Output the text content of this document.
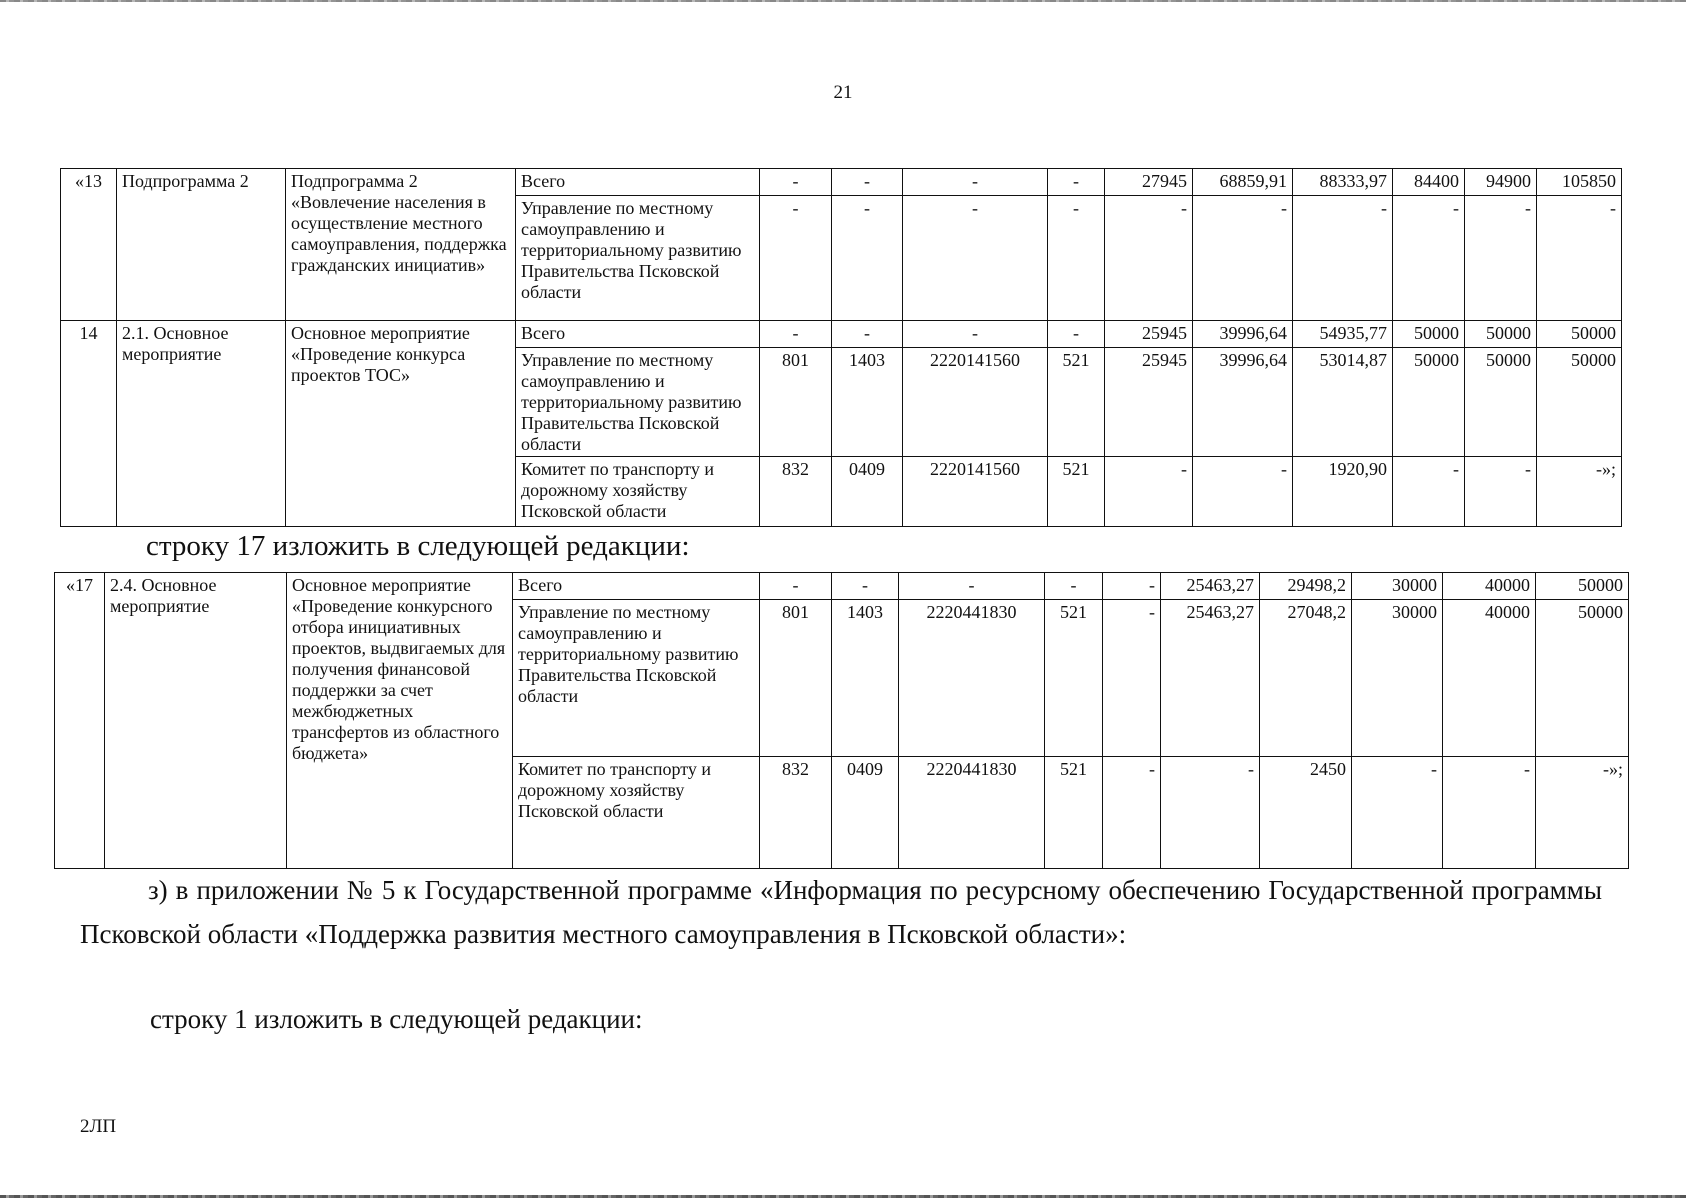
21
«13	Подпрограмма 2	Подпрограмма 2 «Вовлечение населения в осуществление местного самоуправления, поддержка гражданских инициатив»	Всего	-	-	-	-	27945	68859,91	88333,97	84400	94900	105850
			Управление по местному самоуправлению и территориальному развитию Правительства Псковской области	-	-	-	-	-	-	-	-	-	-
14	2.1. Основное мероприятие	Основное мероприятие «Проведение конкурса проектов ТОС»	Всего	-	-	-	-	25945	39996,64	54935,77	50000	50000	50000
			Управление по местному самоуправлению и территориальному развитию Правительства Псковской области	801	1403	2220141560	521	25945	39996,64	53014,87	50000	50000	50000
			Комитет по транспорту и дорожному хозяйству Псковской области	832	0409	2220141560	521	-	-	1920,90	-	-	-»;
строку 17 изложить в следующей редакции:
«17	2.4. Основное мероприятие	Основное мероприятие «Проведение конкурсного отбора инициативных проектов, выдвигаемых для получения финансовой поддержки за счет межбюджетных трансфертов из областного бюджета»	Всего	-	-	-	-	-	25463,27	29498,2	30000	40000	50000
			Управление по местному самоуправлению и территориальному развитию Правительства Псковской области	801	1403	2220441830	521	-	25463,27	27048,2	30000	40000	50000
			Комитет по транспорту и дорожному хозяйству Псковской области	832	0409	2220441830	521	-	-	2450	-	-	-»;

з) в приложении № 5 к Государственной программе «Информация по ресурсному обеспечению Государственной программы Псковской области «Поддержка развития местного самоуправления в Псковской области»:

строку 1 изложить в следующей редакции:
2ЛП
